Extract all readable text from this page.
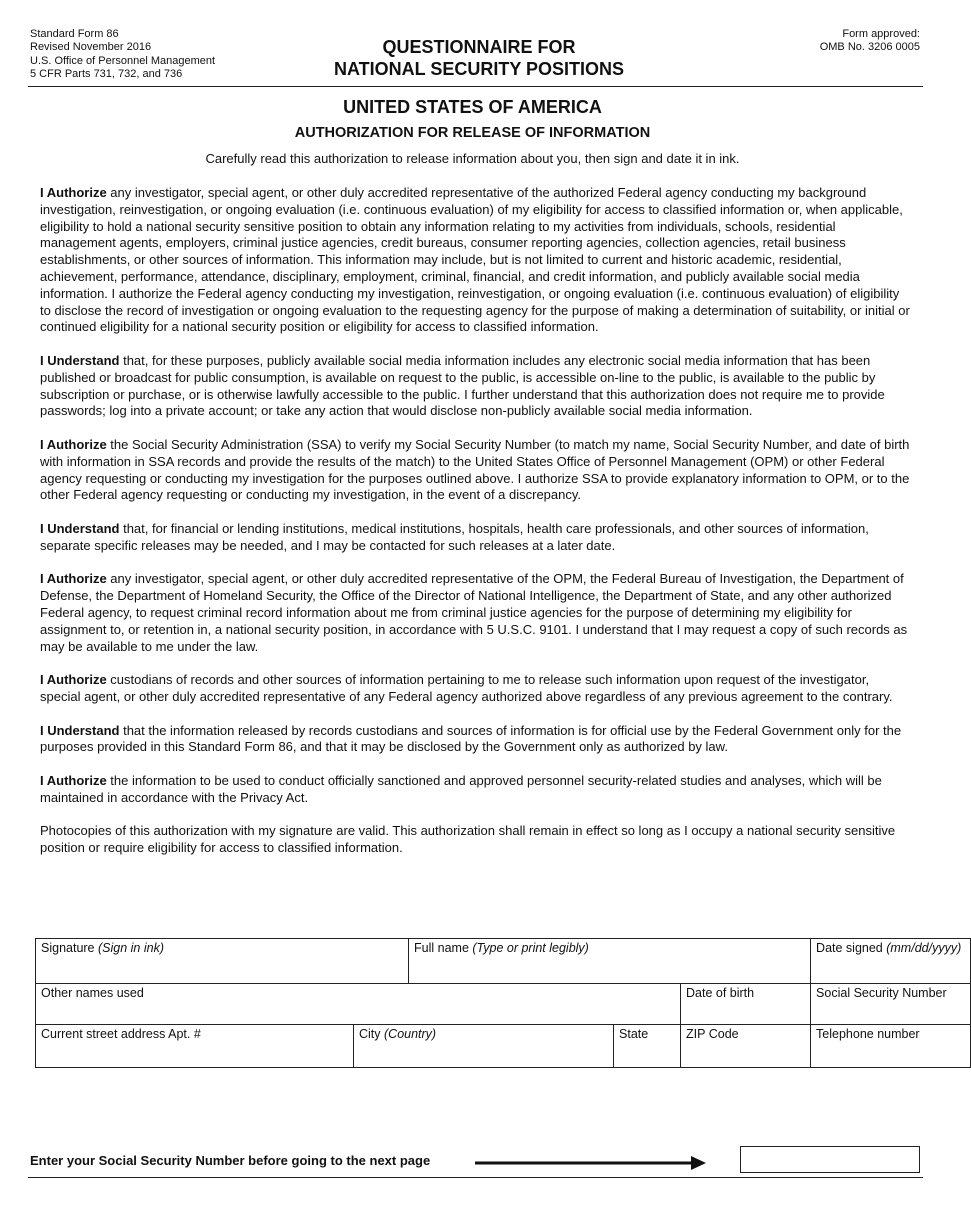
Standard Form 86
Revised November 2016
U.S. Office of Personnel Management
5 CFR Parts 731, 732, and 736
QUESTIONNAIRE FOR
NATIONAL SECURITY POSITIONS
Form approved:
OMB No. 3206 0005
UNITED STATES OF AMERICA
AUTHORIZATION FOR RELEASE OF INFORMATION
Carefully read this authorization to release information about you, then sign and date it in ink.

I Authorize any investigator, special agent, or other duly accredited representative of the authorized Federal agency conducting my background investigation, reinvestigation, or ongoing evaluation (i.e. continuous evaluation) of my eligibility for access to classified information or, when applicable, eligibility to hold a national security sensitive position to obtain any information relating to my activities from individuals, schools, residential management agents, employers, criminal justice agencies, credit bureaus, consumer reporting agencies, collection agencies, retail business establishments, or other sources of information. This information may include, but is not limited to current and historic academic, residential, achievement, performance, attendance, disciplinary, employment, criminal, financial, and credit information, and publicly available social media information. I authorize the Federal agency conducting my investigation, reinvestigation, or ongoing evaluation (i.e. continuous evaluation) of eligibility to disclose the record of investigation or ongoing evaluation to the requesting agency for the purpose of making a determination of suitability, or initial or continued eligibility for a national security position or eligibility for access to classified information.

I Understand that, for these purposes, publicly available social media information includes any electronic social media information that has been published or broadcast for public consumption, is available on request to the public, is accessible on-line to the public, is available to the public by subscription or purchase, or is otherwise lawfully accessible to the public. I further understand that this authorization does not require me to provide passwords; log into a private account; or take any action that would disclose non-publicly available social media information.

I Authorize the Social Security Administration (SSA) to verify my Social Security Number (to match my name, Social Security Number, and date of birth with information in SSA records and provide the results of the match) to the United States Office of Personnel Management (OPM) or other Federal agency requesting or conducting my investigation for the purposes outlined above. I authorize SSA to provide explanatory information to OPM, or to the other Federal agency requesting or conducting my investigation, in the event of a discrepancy.

I Understand that, for financial or lending institutions, medical institutions, hospitals, health care professionals, and other sources of information, separate specific releases may be needed, and I may be contacted for such releases at a later date.

I Authorize any investigator, special agent, or other duly accredited representative of the OPM, the Federal Bureau of Investigation, the Department of Defense, the Department of Homeland Security, the Office of the Director of National Intelligence, the Department of State, and any other authorized Federal agency, to request criminal record information about me from criminal justice agencies for the purpose of determining my eligibility for assignment to, or retention in, a national security position, in accordance with 5 U.S.C. 9101. I understand that I may request a copy of such records as may be available to me under the law.

I Authorize custodians of records and other sources of information pertaining to me to release such information upon request of the investigator, special agent, or other duly accredited representative of any Federal agency authorized above regardless of any previous agreement to the contrary.

I Understand that the information released by records custodians and sources of information is for official use by the Federal Government only for the purposes provided in this Standard Form 86, and that it may be disclosed by the Government only as authorized by law.

I Authorize the information to be used to conduct officially sanctioned and approved personnel security-related studies and analyses, which will be maintained in accordance with the Privacy Act.

Photocopies of this authorization with my signature are valid. This authorization shall remain in effect so long as I occupy a national security sensitive position or require eligibility for access to classified information.

Signature (Sign in ink)		Full name (Type or print legibly)			Date signed (mm/dd/yyyy)
Other names used				Date of birth	Social Security Number
Current street address Apt. #	City (Country)		State	ZIP Code	Telephone number
Enter your Social Security Number before going to the next page
